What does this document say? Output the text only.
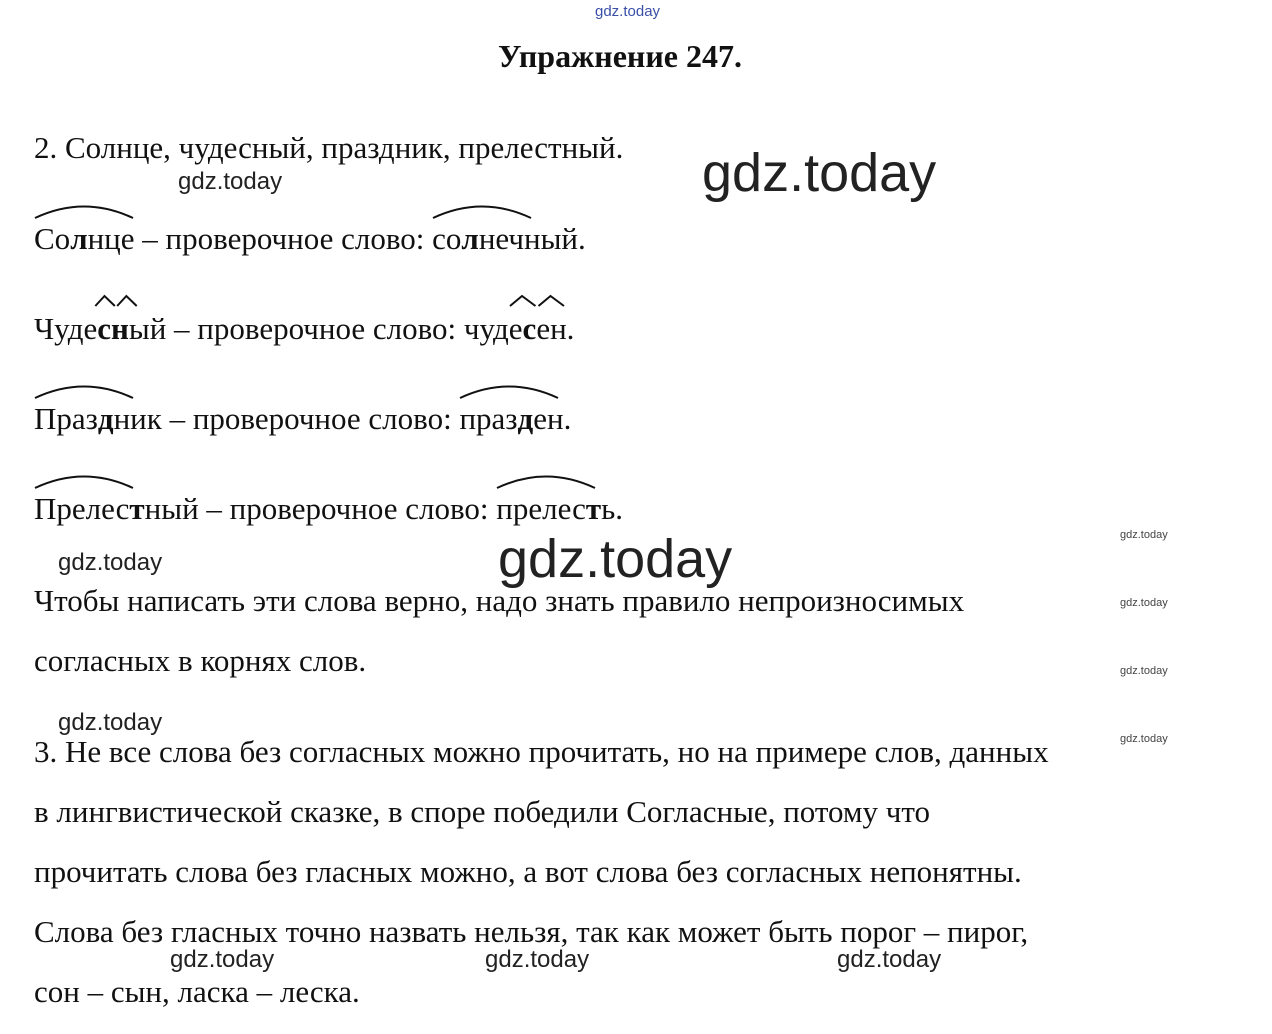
gdz.today
gdz.today	gdz.today
gdz.today	gdz.today
gdz.today
gdz.today
gdz.today
gdz.today
gdz.today
gdz.today	gdz.today	gdz.today
Упражнение 247.
2. Солнце, чудесный, праздник, прелестный.
Солнце – проверочное слово:
солнечный.
Чуде
сный – проверочное слово: чуде
сен.
Праздник – проверочное слово:
празден.
Прелестный – проверочное слово:
прелесть.
Чтобы написать эти слова верно, надо знать правило непроизносимых
согласных в корнях слов.
3. Не все слова без согласных можно прочитать, но на примере слов, данных
в лингвистической сказке, в споре победили Согласные, потому что
прочитать слова без гласных можно, а вот слова без согласных непонятны.
Слова без гласных точно назвать нельзя, так как может быть порог – пирог,
сон – сын, ласка – леска.
